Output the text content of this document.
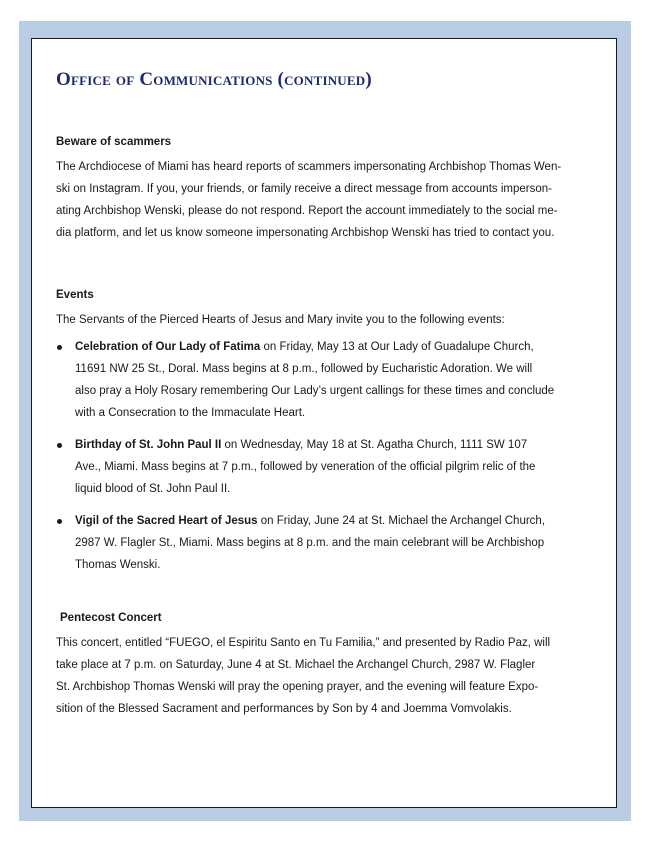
Office of Communications (continued)

Beware of scammers

The Archdiocese of Miami has heard reports of scammers impersonating Archbishop Thomas Wen-

ski on Instagram. If you, your friends, or family receive a direct message from accounts imperson-

ating Archbishop Wenski, please do not respond. Report the account immediately to the social me-

dia platform, and let us know someone impersonating Archbishop Wenski has tried to contact you.

Events

The Servants of the Pierced Hearts of Jesus and Mary invite you to the following events:

Celebration of Our Lady of Fatima on Friday, May 13 at Our Lady of Guadalupe Church,
11691 NW 25 St., Doral. Mass begins at 8 p.m., followed by Eucharistic Adoration. We will
also pray a Holy Rosary remembering Our Lady’s urgent callings for these times and conclude
with a Consecration to the Immaculate Heart.
Birthday of St. John Paul II on Wednesday, May 18 at St. Agatha Church, 1111 SW 107
Ave., Miami. Mass begins at 7 p.m., followed by veneration of the official pilgrim relic of the
liquid blood of St. John Paul II.
Vigil of the Sacred Heart of Jesus on Friday, June 24 at St. Michael the Archangel Church,
2987 W. Flagler St., Miami. Mass begins at 8 p.m. and the main celebrant will be Archbishop
Thomas Wenski.

Pentecost Concert

This concert, entitled “FUEGO, el Espiritu Santo en Tu Familia,” and presented by Radio Paz, will

take place at 7 p.m. on Saturday, June 4 at St. Michael the Archangel Church, 2987 W. Flagler

St. Archbishop Thomas Wenski will pray the opening prayer, and the evening will feature Expo-

sition of the Blessed Sacrament and performances by Son by 4 and Joemma Vomvolakis.
